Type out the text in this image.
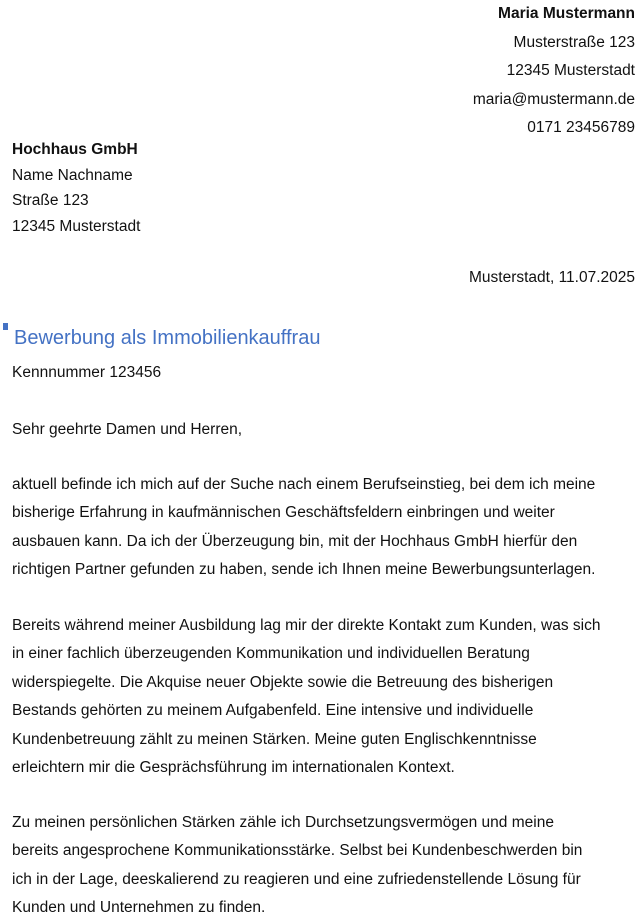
Maria Mustermann
Musterstraße 123
12345 Musterstadt
maria@mustermann.de
0171 23456789
Hochhaus GmbH
Name Nachname
Straße 123
12345 Musterstadt
Musterstadt, 11.07.2025
Bewerbung als Immobilienkauffrau
Kennnummer 123456
Sehr geehrte Damen und Herren,
aktuell befinde ich mich auf der Suche nach einem Berufseinstieg, bei dem ich meine
bisherige Erfahrung in kaufmännischen Geschäftsfeldern einbringen und weiter
ausbauen kann. Da ich der Überzeugung bin, mit der Hochhaus GmbH hierfür den
richtigen Partner gefunden zu haben, sende ich Ihnen meine Bewerbungsunterlagen.
Bereits während meiner Ausbildung lag mir der direkte Kontakt zum Kunden, was sich
in einer fachlich überzeugenden Kommunikation und individuellen Beratung
widerspiegelte. Die Akquise neuer Objekte sowie die Betreuung des bisherigen
Bestands gehörten zu meinem Aufgabenfeld. Eine intensive und individuelle
Kundenbetreuung zählt zu meinen Stärken. Meine guten Englischkenntnisse
erleichtern mir die Gesprächsführung im internationalen Kontext.
Zu meinen persönlichen Stärken zähle ich Durchsetzungsvermögen und meine
bereits angesprochene Kommunikationsstärke. Selbst bei Kundenbeschwerden bin
ich in der Lage, deeskalierend zu reagieren und eine zufriedenstellende Lösung für
Kunden und Unternehmen zu finden.
